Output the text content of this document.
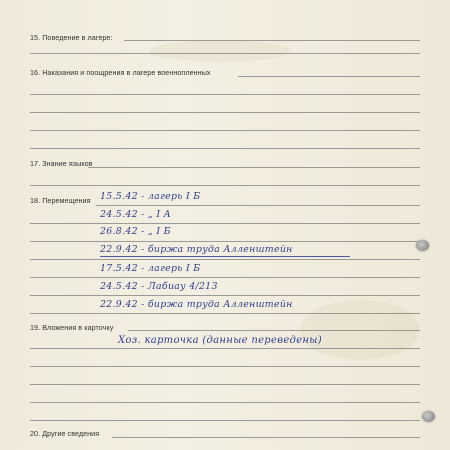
15. Поведение в лагере:
16. Наказания и поощрения в лагере военнопленных
17. Знание языков
18. Перемещения 15.5.42 - лагерь I Б
24.5.42 - „ I А
26.8.42 - „ I Б
22.9.42 - биржа труда Алленштейн
17.5.42 - лагерь I Б
24.5.42 - Лабиау 4/213
22.9.42 - биржа труда Алленштейн
19. Вложения в карточку
Хоз. карточка (данные переведены)
20. Другие сведения
